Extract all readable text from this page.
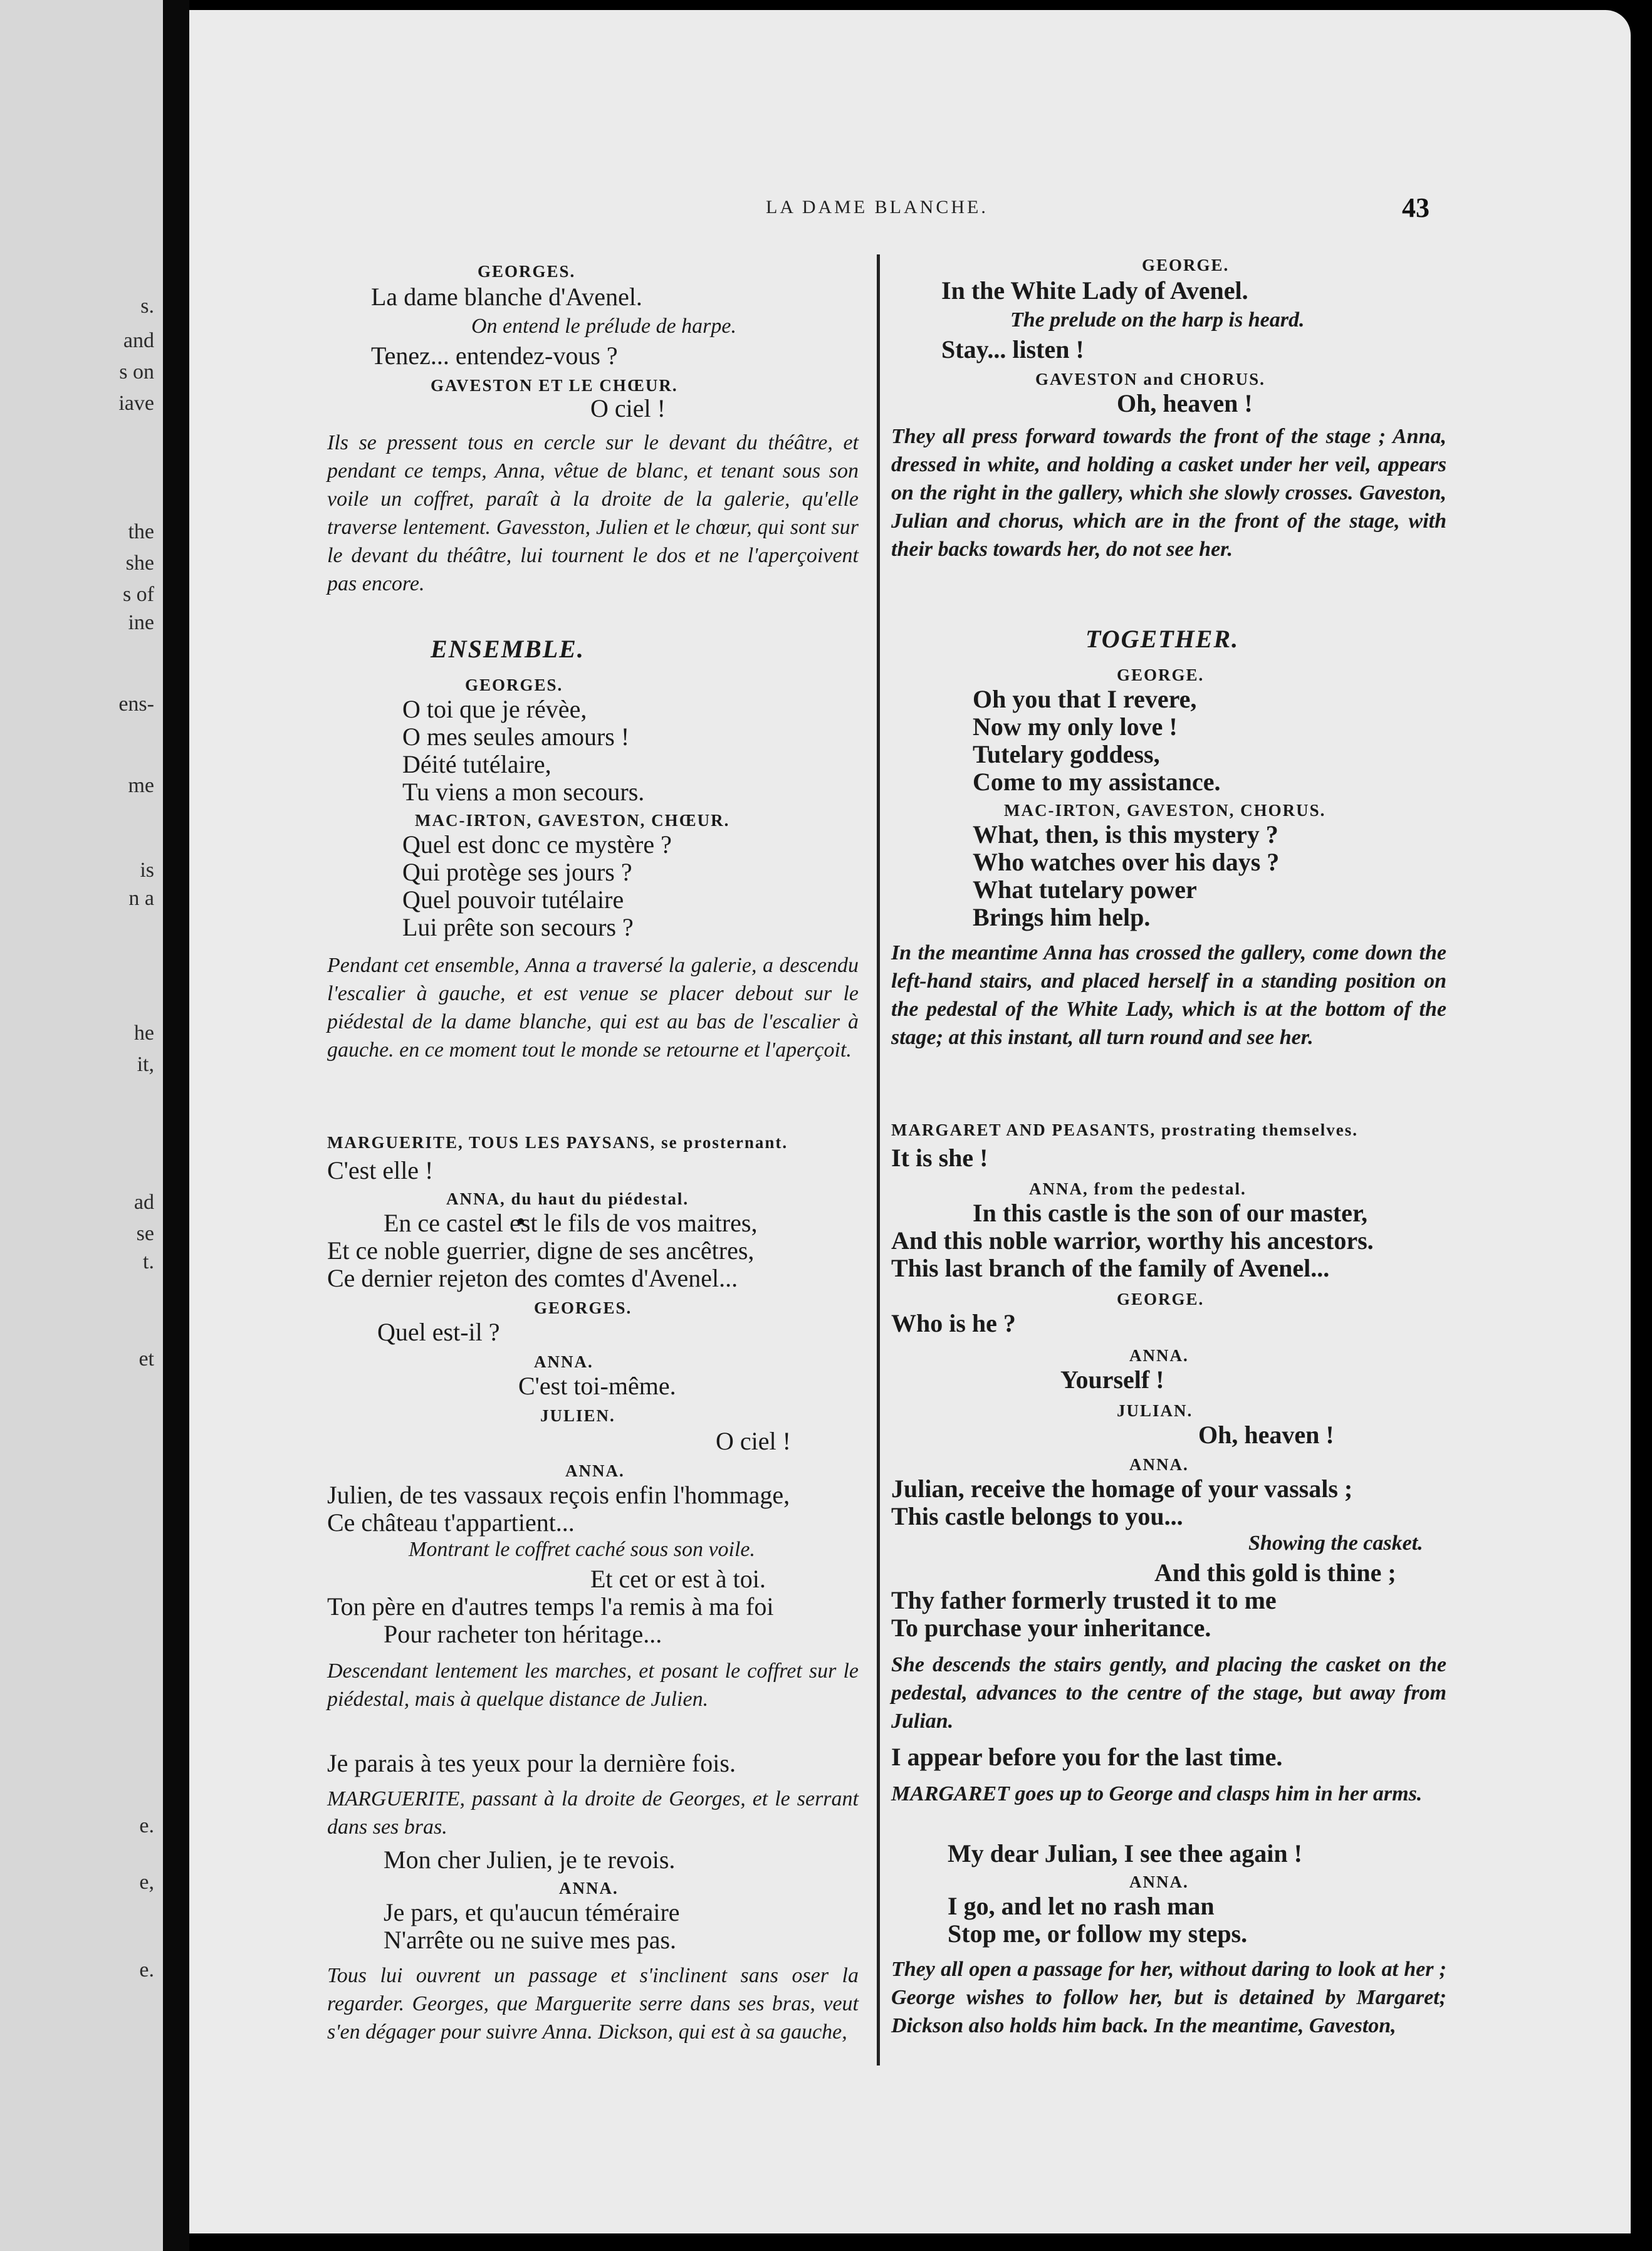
s.
and
s on
iave
the
she
s of
ine
ens-
me
is
n a
he
it,
ad
se
t.
et
e.
e,
e.
LA DAME BLANCHE.	43
GEORGES.
La dame blanche d'Avenel.
On entend le prélude de harpe.
Tenez... entendez-vous ?
GAVESTON ET LE CHŒUR.
O ciel !
Ils se pressent tous en cercle sur le devant du théâtre, et pendant ce temps, Anna, vêtue de blanc, et tenant sous son voile un coffret, paraît à la droite de la galerie, qu'elle traverse lentement. Gavesston, Julien et le chœur, qui sont sur le devant du théâtre, lui tournent le dos et ne l'aperçoivent pas encore.
ENSEMBLE.
GEORGES.
O toi que je révèe,
O mes seules amours !
Déité tutélaire,
Tu viens a mon secours.
MAC-IRTON, GAVESTON, CHŒUR.
Quel est donc ce mystère ?
Qui protège ses jours ?
Quel pouvoir tutélaire
Lui prête son secours ?
Pendant cet ensemble, Anna a traversé la galerie, a descendu l'escalier à gauche, et est venue se placer debout sur le piédestal de la dame blanche, qui est au bas de l'escalier à gauche. en ce moment tout le monde se retourne et l'aperçoit.
MARGUERITE, TOUS LES PAYSANS, se prosternant.
C'est elle !
ANNA, du haut du piédestal.
En ce castel est le fils de vos maitres,
Et ce noble guerrier, digne de ses ancêtres,
Ce dernier rejeton des comtes d'Avenel...
GEORGES.
Quel est-il ?
ANNA.
C'est toi-même.
JULIEN.
O ciel !
ANNA.
Julien, de tes vassaux reçois enfin l'hommage,
Ce château t'appartient...
Montrant le coffret caché sous son voile.
Et cet or est à toi.
Ton père en d'autres temps l'a remis à ma foi
Pour racheter ton héritage...
Descendant lentement les marches, et posant le coffret sur le piédestal, mais à quelque distance de Julien.
Je parais à tes yeux pour la dernière fois.
MARGUERITE, passant à la droite de Georges, et le serrant dans ses bras.
Mon cher Julien, je te revois.
ANNA.
Je pars, et qu'aucun téméraire
N'arrête ou ne suive mes pas.
Tous lui ouvrent un passage et s'inclinent sans oser la regarder. Georges, que Marguerite serre dans ses bras, veut s'en dégager pour suivre Anna. Dickson, qui est à sa gauche,
GEORGE.
In the White Lady of Avenel.
The prelude on the harp is heard.
Stay... listen !
GAVESTON and CHORUS.
Oh, heaven !
They all press forward towards the front of the stage ; Anna, dressed in white, and holding a casket under her veil, appears on the right in the gallery, which she slowly crosses. Gaveston, Julian and chorus, which are in the front of the stage, with their backs towards her, do not see her.
TOGETHER.
GEORGE.
Oh you that I revere,
Now my only love !
Tutelary goddess,
Come to my assistance.
MAC-IRTON, GAVESTON, CHORUS.
What, then, is this mystery ?
Who watches over his days ?
What tutelary power
Brings him help.
In the meantime Anna has crossed the gallery, come down the left-hand stairs, and placed herself in a standing position on the pedestal of the White Lady, which is at the bottom of the stage; at this instant, all turn round and see her.
MARGARET AND PEASANTS, prostrating themselves.
It is she !
ANNA, from the pedestal.
In this castle is the son of our master,
And this noble warrior, worthy his ancestors.
This last branch of the family of Avenel...
GEORGE.
Who is he ?
ANNA.
Yourself !
JULIAN.
Oh, heaven !
ANNA.
Julian, receive the homage of your vassals ;
This castle belongs to you...
Showing the casket.
And this gold is thine ;
Thy father formerly trusted it to me
To purchase your inheritance.
She descends the stairs gently, and placing the casket on the pedestal, advances to the centre of the stage, but away from Julian.
I appear before you for the last time.
MARGARET goes up to George and clasps him in her arms.
My dear Julian, I see thee again !
ANNA.
I go, and let no rash man
Stop me, or follow my steps.
They all open a passage for her, without daring to look at her ; George wishes to follow her, but is detained by Margaret; Dickson also holds him back. In the meantime, Gaveston,
